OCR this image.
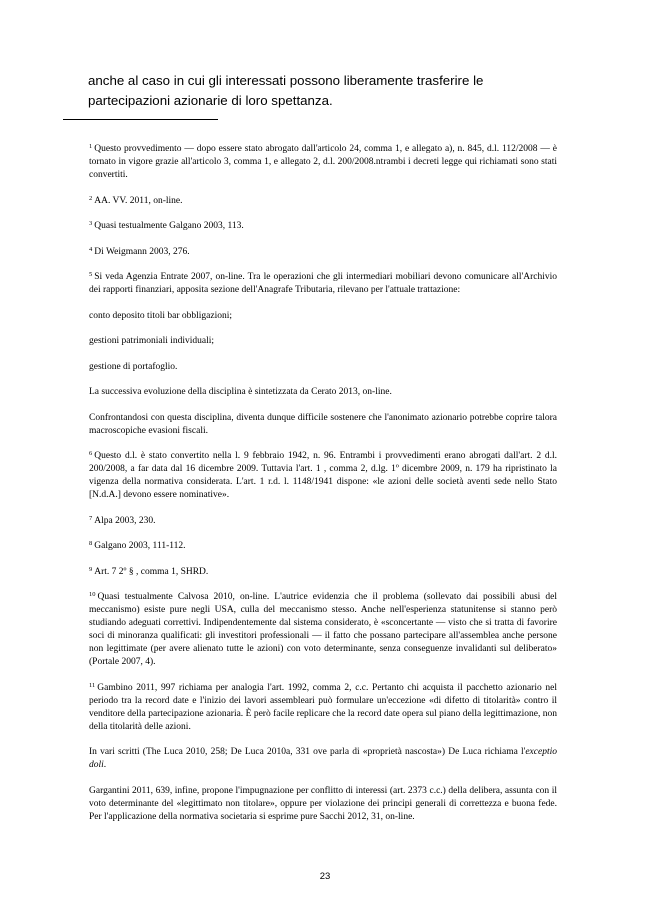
anche al caso in cui gli interessati possono liberamente trasferire le partecipazioni azionarie di loro spettanza.

$^1$ Questo provvedimento — dopo essere stato abrogato dall'articolo 24, comma 1, e allegato a), n. 845, d.l. 112/2008 — è tornato in vigore grazie all'articolo 3, comma 1, e allegato 2, d.l. 200/2008.ntrambi i decreti legge qui richiamati sono stati convertiti.

$^2$ AA. VV. 2011, on-line.

$^3$ Quasi testualmente Galgano 2003, 113.

$^4$ Di Weigmann 2003, 276.

$^5$ Si veda Agenzia Entrate 2007, on-line. Tra le operazioni che gli intermediari mobiliari devono comunicare all'Archivio dei rapporti finanziari, apposita sezione dell'Anagrafe Tributaria, rilevano per l'attuale trattazione:

conto deposito titoli bar obbligazioni;

gestioni patrimoniali individuali;

gestione di portafoglio.

La successiva evoluzione della disciplina è sintetizzata da Cerato 2013, on-line.

Confrontandosi con questa disciplina, diventa dunque difficile sostenere che l'anonimato azionario potrebbe coprire talora macroscopiche evasioni fiscali.

$^6$ Questo d.l. è stato convertito nella l. 9 febbraio 1942, n. 96. Entrambi i provvedimenti erano abrogati dall'art. 2 d.l. 200/2008, a far data dal 16 dicembre 2009. Tuttavia l'art. 1 , comma 2, d.lg. 1º dicembre 2009, n. 179 ha ripristinato la vigenza della normativa considerata. L'art. 1 r.d. l. 1148/1941 dispone: «le azioni delle società aventi sede nello Stato [N.d.A.] devono essere nominative».

$^7$ Alpa 2003, 230.

$^8$ Galgano 2003, 111-112.

$^9$ Art. 7 2º § , comma 1, SHRD.

$^{10}$ Quasi testualmente Calvosa 2010, on-line. L'autrice evidenzia che il problema (sollevato dai possibili abusi del meccanismo) esiste pure negli USA, culla del meccanismo stesso. Anche nell'esperienza statunitense si stanno però studiando adeguati correttivi. Indipendentemente dal sistema considerato, è «sconcertante — visto che si tratta di favorire soci di minoranza qualificati: gli investitori professionali — il fatto che possano partecipare all'assemblea anche persone non legittimate (per avere alienato tutte le azioni) con voto determinante, senza conseguenze invalidanti sul deliberato» (Portale 2007, 4).

$^{11}$ Gambino 2011, 997 richiama per analogia l'art. 1992, comma 2, c.c. Pertanto chi acquista il pacchetto azionario nel periodo tra la record date e l'inizio dei lavori assembleari può formulare un'eccezione «di difetto di titolarità» contro il venditore della partecipazione azionaria. È però facile replicare che la record date opera sul piano della legittimazione, non della titolarità delle azioni.

In vari scritti (The Luca 2010, 258; De Luca 2010a, 331 ove parla di «proprietà nascosta») De Luca richiama l'exceptio doli.

Gargantini 2011, 639, infine, propone l'impugnazione per conflitto di interessi (art. 2373 c.c.) della delibera, assunta con il voto determinante del «legittimato non titolare», oppure per violazione dei principi generali di correttezza e buona fede. Per l'applicazione della normativa societaria si esprime pure Sacchi 2012, 31, on-line.

23
